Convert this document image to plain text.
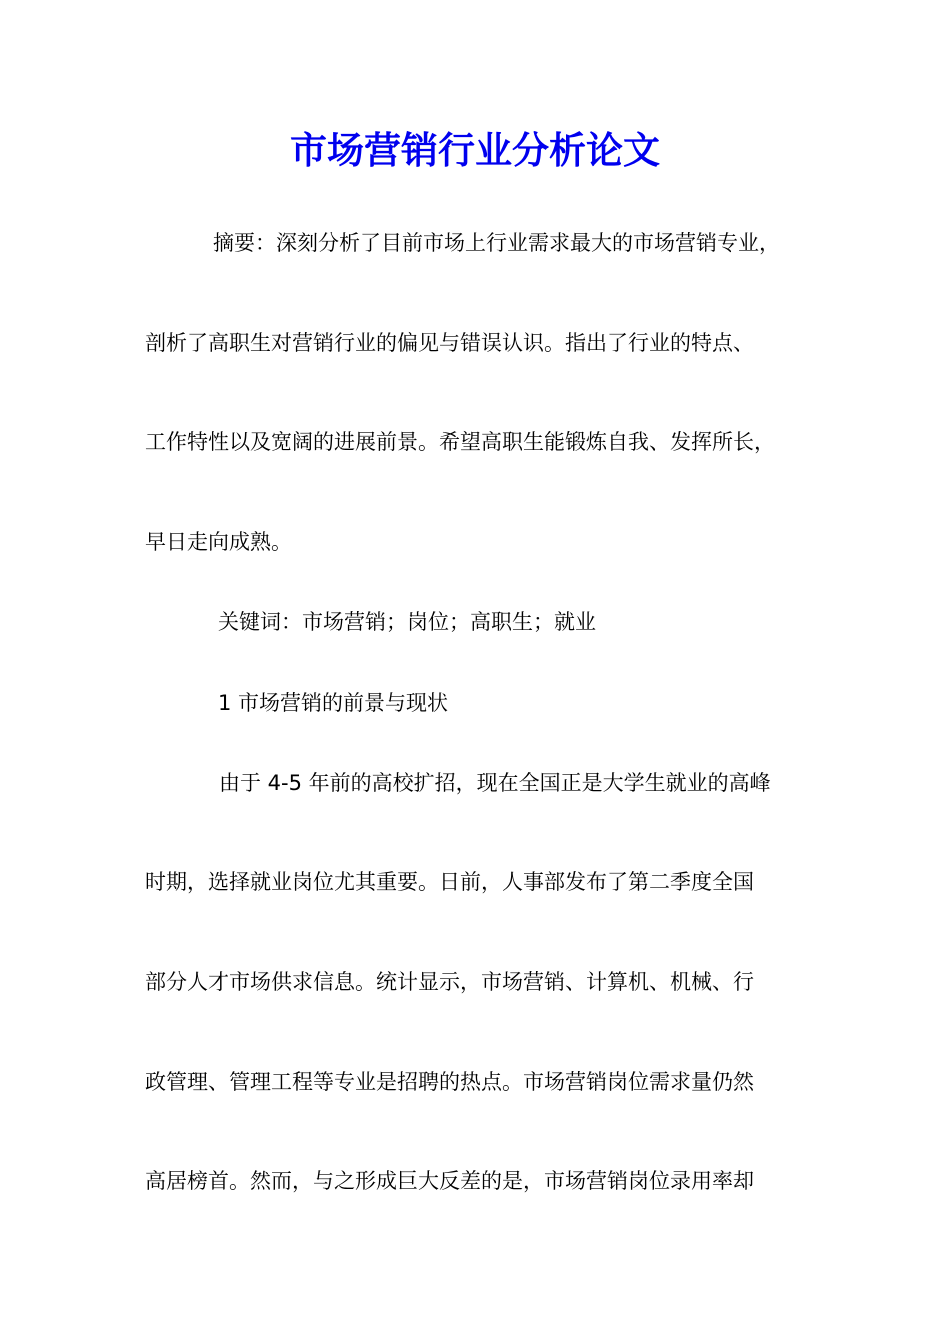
市场营销行业分析论文

摘要：深刻分析了目前市场上行业需求最大的市场营销专业，

剖析了高职生对营销行业的偏见与错误认识。指出了行业的特点、

工作特性以及宽阔的进展前景。希望高职生能锻炼自我、发挥所长，

早日走向成熟。

关键词：市场营销；岗位；高职生；就业

1 市场营销的前景与现状

由于 4-5 年前的高校扩招，现在全国正是大学生就业的高峰

时期，选择就业岗位尤其重要。日前，人事部发布了第二季度全国

部分人才市场供求信息。统计显示，市场营销、计算机、机械、行

政管理、管理工程等专业是招聘的热点。市场营销岗位需求量仍然

高居榜首。然而，与之形成巨大反差的是，市场营销岗位录用率却
